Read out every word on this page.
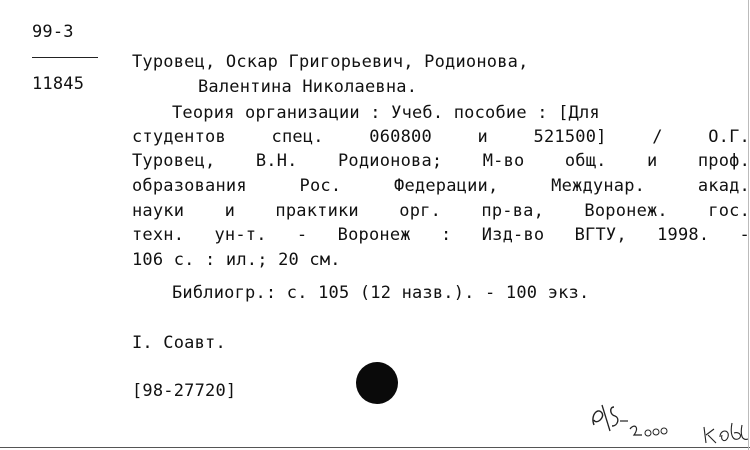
99-3
11845
Туровец, Оскар Григорьевич, Родионова,
Валентина Николаевна.
Теория организации : Учеб. пособие : [Для
студентов спец. 060800 и 521500] / О.Г.
Туровец, В.Н. Родионова; М-во общ. и проф.
образования Рос. Федерации, Междунар. акад.
науки и практики орг. пр-ва, Воронеж. гос.
техн. ун-т. - Воронеж : Изд-во ВГТУ, 1998. -
106 с. : ил.; 20 см.
Библиогр.: с. 105 (12 назв.). - 100 экз.
I. Соавт.
[98-27720]
